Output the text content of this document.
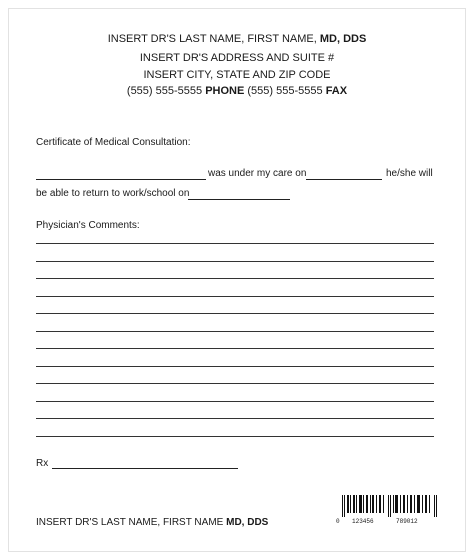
INSERT DR'S LAST NAME, FIRST NAME, MD, DDS
INSERT DR'S ADDRESS AND SUITE #
INSERT CITY, STATE AND ZIP CODE
(555) 555-5555 PHONE (555) 555-5555 FAX
Certificate of Medical Consultation:
was under my care on	he/she will
be able to return to work/school on
Physician's Comments:
Rx
INSERT DR'S LAST NAME, FIRST NAME MD, DDS	0 123456	789012
